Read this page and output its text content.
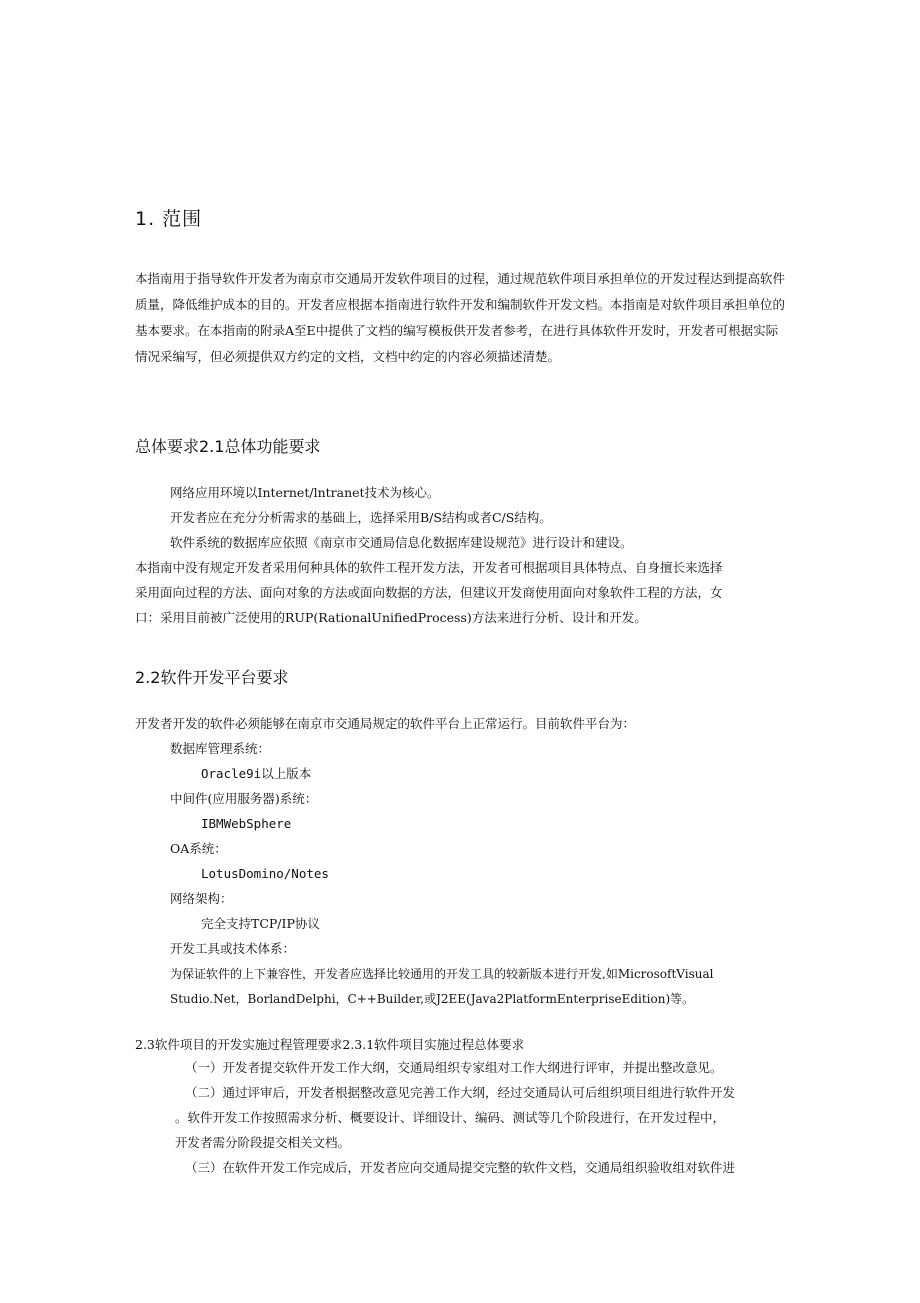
1. 范围
本指南用于指导软件开发者为南京市交通局开发软件项目的过程，通过规范软件项目承担单位的开发过程达到提高软件质量，降低维护成本的目的。开发者应根据本指南进行软件开发和编制软件开发文档。本指南是对软件项目承担单位的基本要求。在本指南的附录A至E中提供了文档的编写模板供开发者参考，在进行具体软件开发时，开发者可根据实际情况采编写，但必须提供双方约定的文档，文档中约定的内容必须描述清楚。
总体要求2.1总体功能要求
网络应用环境以Internet/lntranet技术为核心。
开发者应在充分分析需求的基础上，选择采用B/S结构或者C/S结构。
软件系统的数据库应依照《南京市交通局信息化数据库建设规范》进行设计和建设。
本指南中没有规定开发者采用何种具体的软件工程开发方法，开发者可根据项目具体特点、自身擅长来选择
采用面向过程的方法、面向对象的方法或面向数据的方法，但建议开发商使用面向对象软件工程的方法，女
口：采用目前被广泛使用的RUP(RationalUnifiedProcess)方法来进行分析、设计和开发。
2.2软件开发平台要求
开发者开发的软件必须能够在南京市交通局规定的软件平台上正常运行。目前软件平台为：
数据库管理系统：
Oracle9i以上版本
中间件(应用服务器)系统：
IBMWebSphere
OA系统：
LotusDomino/Notes
网络架构：
完全支持TCP/IP协议
开发工具或技术体系：
为保证软件的上下兼容性，开发者应选择比较通用的开发工具的较新版本进行开发,如MicrosoftVisual
Studio.Net，BorlandDelphi，C++Builder,或J2EE(Java2PlatformEnterpriseEdition)等。
2.3软件项目的开发实施过程管理要求2.3.1软件项目实施过程总体要求
（一）开发者提交软件开发工作大纲，交通局组织专家组对工作大纲进行评审，并提出整改意见。
（二）通过评审后，开发者根据整改意见完善工作大纲，经过交通局认可后组织项目组进行软件开发
。软件开发工作按照需求分析、概要设计、详细设计、编码、测试等几个阶段进行，在开发过程中，
开发者需分阶段提交相关文档。
（三）在软件开发工作完成后，开发者应向交通局提交完整的软件文档，交通局组织验收组对软件进
